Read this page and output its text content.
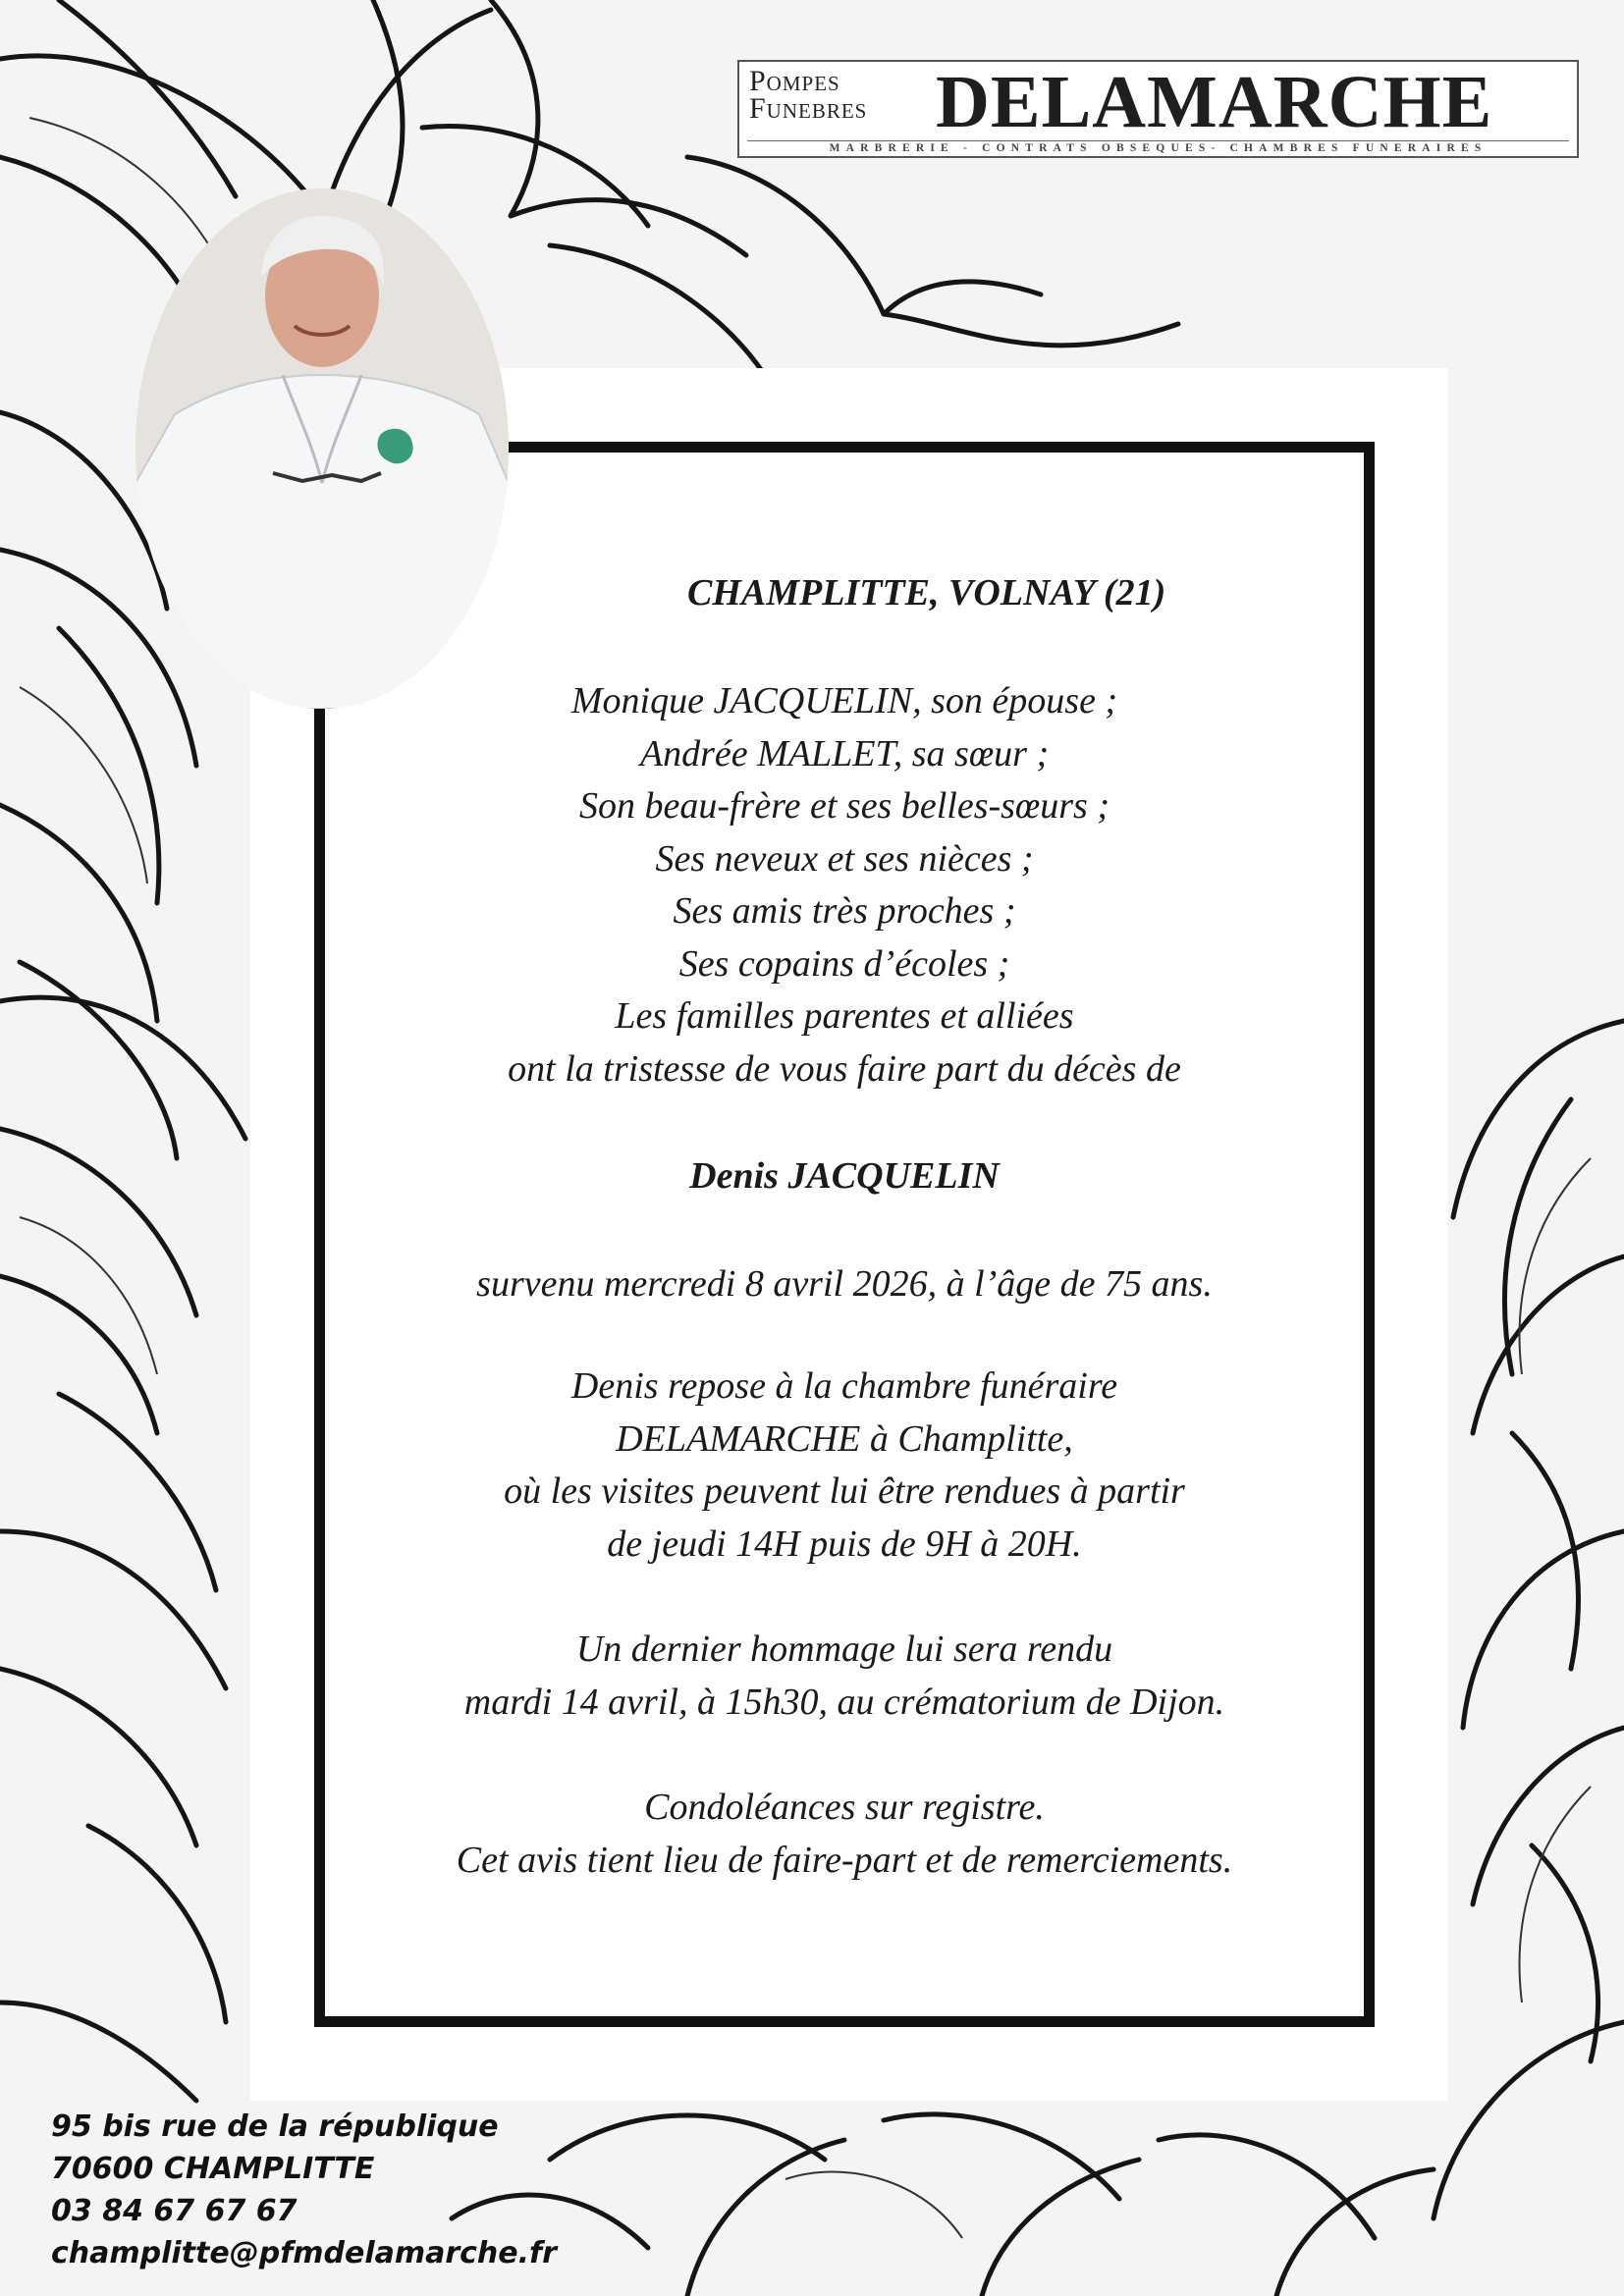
Pompes
Funebres DELAMARCHE
MARBRERIE - CONTRATS OBSEQUES- CHAMBRES FUNERAIRES
CHAMPLITTE, VOLNAY (21)
Monique JACQUELIN, son épouse ;
Andrée MALLET, sa sœur ;
Son beau-frère et ses belles-sœurs ;
Ses neveux et ses nièces ;
Ses amis très proches ;
Ses copains d’écoles ;
Les familles parentes et alliées
ont la tristesse de vous faire part du décès de
Denis JACQUELIN
survenu mercredi 8 avril 2026, à l’âge de 75 ans.
Denis repose à la chambre funéraire
DELAMARCHE à Champlitte,
où les visites peuvent lui être rendues à partir
de jeudi 14H puis de 9H à 20H.
Un dernier hommage lui sera rendu
mardi 14 avril, à 15h30, au crématorium de Dijon.
Condoléances sur registre.
Cet avis tient lieu de faire-part et de remerciements.
95 bis rue de la république
70600 CHAMPLITTE
03 84 67 67 67
champlitte@pfmdelamarche.fr
